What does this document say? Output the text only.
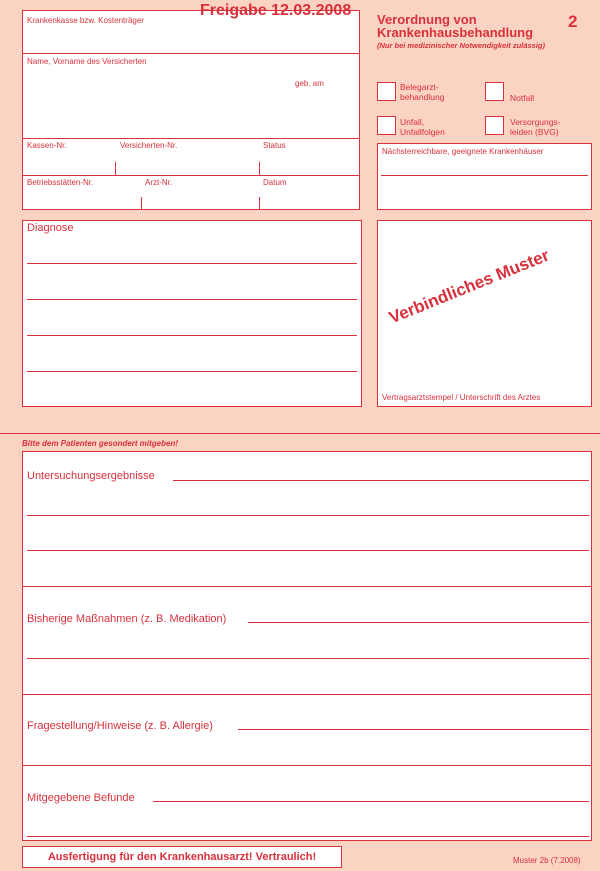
Freigabe 12.03.2008
Verordnung von
Krankenhausbehandlung
2
(Nur bei medizinischer Notwendigkeit zulässig)
Krankenkasse bzw. Kostenträger
Name, Vorname des Versicherten
geb. am
Kassen-Nr.	Versicherten-Nr.	Status
Betriebsstätten-Nr.	Arzt-Nr.	Datum
Belegarzt-
behandlung	Notfall
Unfall,
Unfallfolgen
Versorgungs-
leiden (BVG)
Nächsterreichbare, geeignete Krankenhäuser
Diagnose
Verbindliches Muster
Vertragsarztstempel / Unterschrift des Arztes
Bitte dem Patienten gesondert mitgeben!
Untersuchungsergebnisse
Bisherige Maßnahmen (z. B. Medikation)
Fragestellung/Hinweise (z. B. Allergie)
Mitgegebene Befunde
Ausfertigung für den Krankenhausarzt! Vertraulich!	Muster 2b (7.2008)
